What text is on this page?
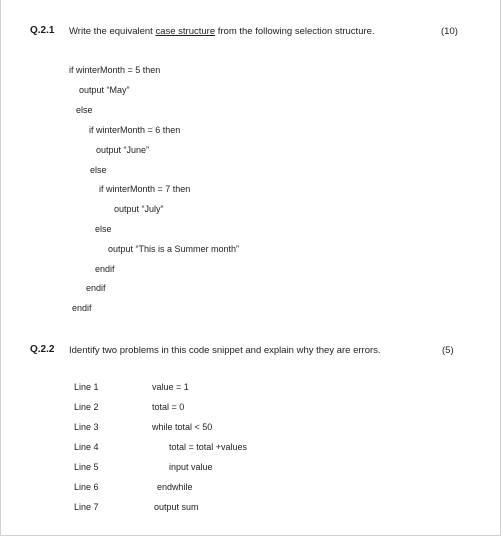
Q.2.1 Write the equivalent case structure from the following selection structure.	(10)
if winterMonth = 5 then
output “May”
else
if winterMonth = 6 then
output “June”
else
if winterMonth = 7 then
output “July”
else
output “This is a Summer month”
endif
endif
endif
Q.2.2 Identify two problems in this code snippet and explain why they are errors.	(5)
Line 1	value = 1
Line 2	total = 0
Line 3	while total < 50
Line 4	total = total +values
Line 5	input value
Line 6	endwhile
Line 7	output sum
